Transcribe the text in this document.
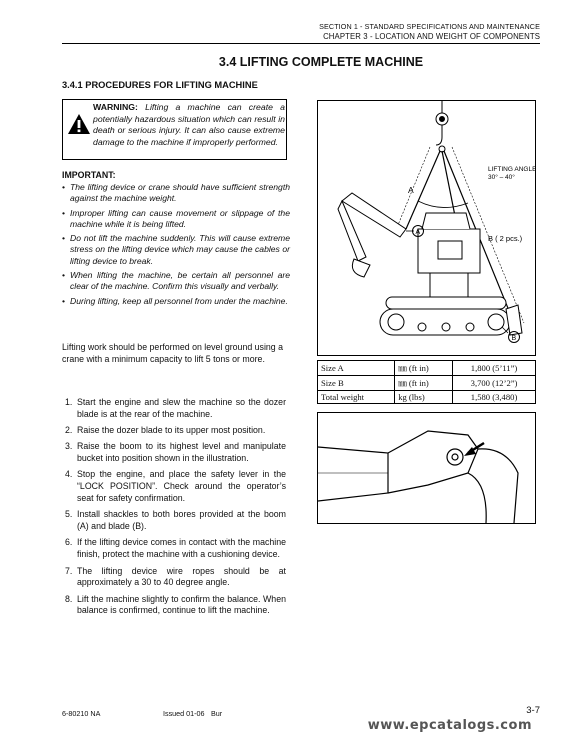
SECTION 1 - STANDARD SPECIFICATIONS AND MAINTENANCE
CHAPTER 3 - LOCATION AND WEIGHT OF COMPONENTS
3.4 LIFTING COMPLETE MACHINE
3.4.1 PROCEDURES FOR LIFTING MACHINE
WARNING: Lifting a machine can create a potentially hazardous situation which can result in death or serious injury. It can also cause extreme damage to the machine if improperly performed.
IMPORTANT:
• The lifting device or crane should have sufficient strength against the machine weight.
• Improper lifting can cause movement or slippage of the machine while it is being lifted.
• Do not lift the machine suddenly. This will cause extreme stress on the lifting device which may cause the cables or lifting device to break.
• When lifting the machine, be certain all personnel are clear of the machine. Confirm this visually and verbally.
• During lifting, keep all personnel from under the machine.
Lifting work should be performed on level ground using a crane with a minimum capacity to lift 5 tons or more.
1. Start the engine and slew the machine so the dozer blade is at the rear of the machine.
2. Raise the dozer blade to its upper most position.
3. Raise the boom to its highest level and manipulate bucket into position shown in the illustration.
4. Stop the engine, and place the safety lever in the “LOCK POSITION”. Check around the operator’s seat for safety confirmation.
5. Install shackles to both bores provided at the boom (A) and blade (B).
6. If the lifting device comes in contact with the machine finish, protect the machine with a cushioning device.
7. The lifting device wire ropes should be at approximately a 30 to 40 degree angle.
8. Lift the machine slightly to confirm the balance. When balance is confirmed, continue to lift the machine.
A
LIFTING ANGLE
30° – 40°
B ( 2 pcs.)
A
B
Size A	㎜ (ft in)	1,800 (5’11”)
Size B	㎜ (ft in)	3,700 (12’2”)
Total weight	kg (lbs)	1,580 (3,480)
6-80210 NA	Issued 01-06 Bur	3-7
www.epcatalogs.com
